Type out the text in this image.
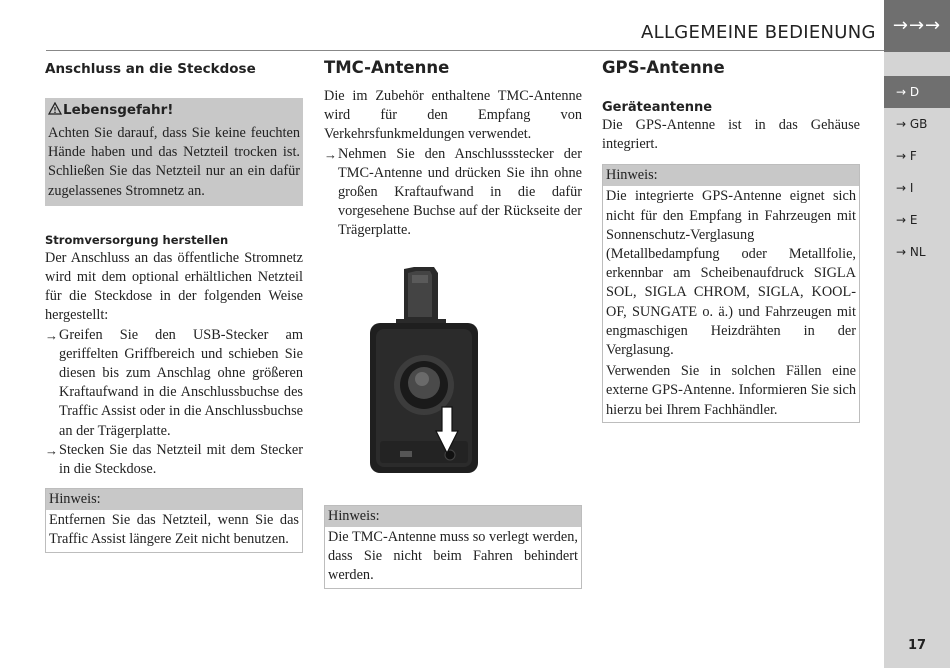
ALLGEMEINE BEDIENUNG →→→
→ D
→ GB
→ F
→ I
→ E
→ NL
17
Anschluss an die Steckdose
Lebensgefahr!
Achten Sie darauf, dass Sie keine feuchten Hände haben und das Netzteil trocken ist. Schließen Sie das Netzteil nur an ein dafür zugelassenes Stromnetz an.
Stromversorgung herstellen

Der Anschluss an das öffentliche Stromnetz wird mit dem optional erhältlichen Netzteil für die Steckdose in der folgenden Weise hergestellt:

→ Greifen Sie den USB-Stecker am geriffelten Griffbereich und schieben Sie diesen bis zum Anschlag ohne größeren Kraftaufwand in die Anschlussbuchse des Traffic Assist oder in die Anschlussbuchse an der Trägerplatte.
→ Stecken Sie das Netzteil mit dem Stecker in die Steckdose.
Hinweis:
Entfernen Sie das Netzteil, wenn Sie das Traffic Assist längere Zeit nicht benutzen.
TMC-Antenne

Die im Zubehör enthaltene TMC-Antenne wird für den Empfang von Verkehrsfunkmeldungen verwendet.

→ Nehmen Sie den Anschlussstecker der TMC-Antenne und drücken Sie ihn ohne großen Kraftaufwand in die dafür vorgesehene Buchse auf der Rückseite der Trägerplatte.
Hinweis:
Die TMC-Antenne muss so verlegt werden, dass Sie nicht beim Fahren behindert werden.
GPS-Antenne
Geräteantenne

Die GPS-Antenne ist in das Gehäuse integriert.

Hinweis:
Die integrierte GPS-Antenne eignet sich nicht für den Empfang in Fahrzeugen mit Sonnenschutz-Verglasung (Metallbedampfung oder Metallfolie, erkennbar am Scheibenaufdruck SIGLA SOL, SIGLA CHROM, SIGLA, KOOL-OF, SUNGATE o. ä.) und Fahrzeugen mit engmaschigen Heizdrähten in der Verglasung.
Verwenden Sie in solchen Fällen eine externe GPS-Antenne. Informieren Sie sich hierzu bei Ihrem Fachhändler.
